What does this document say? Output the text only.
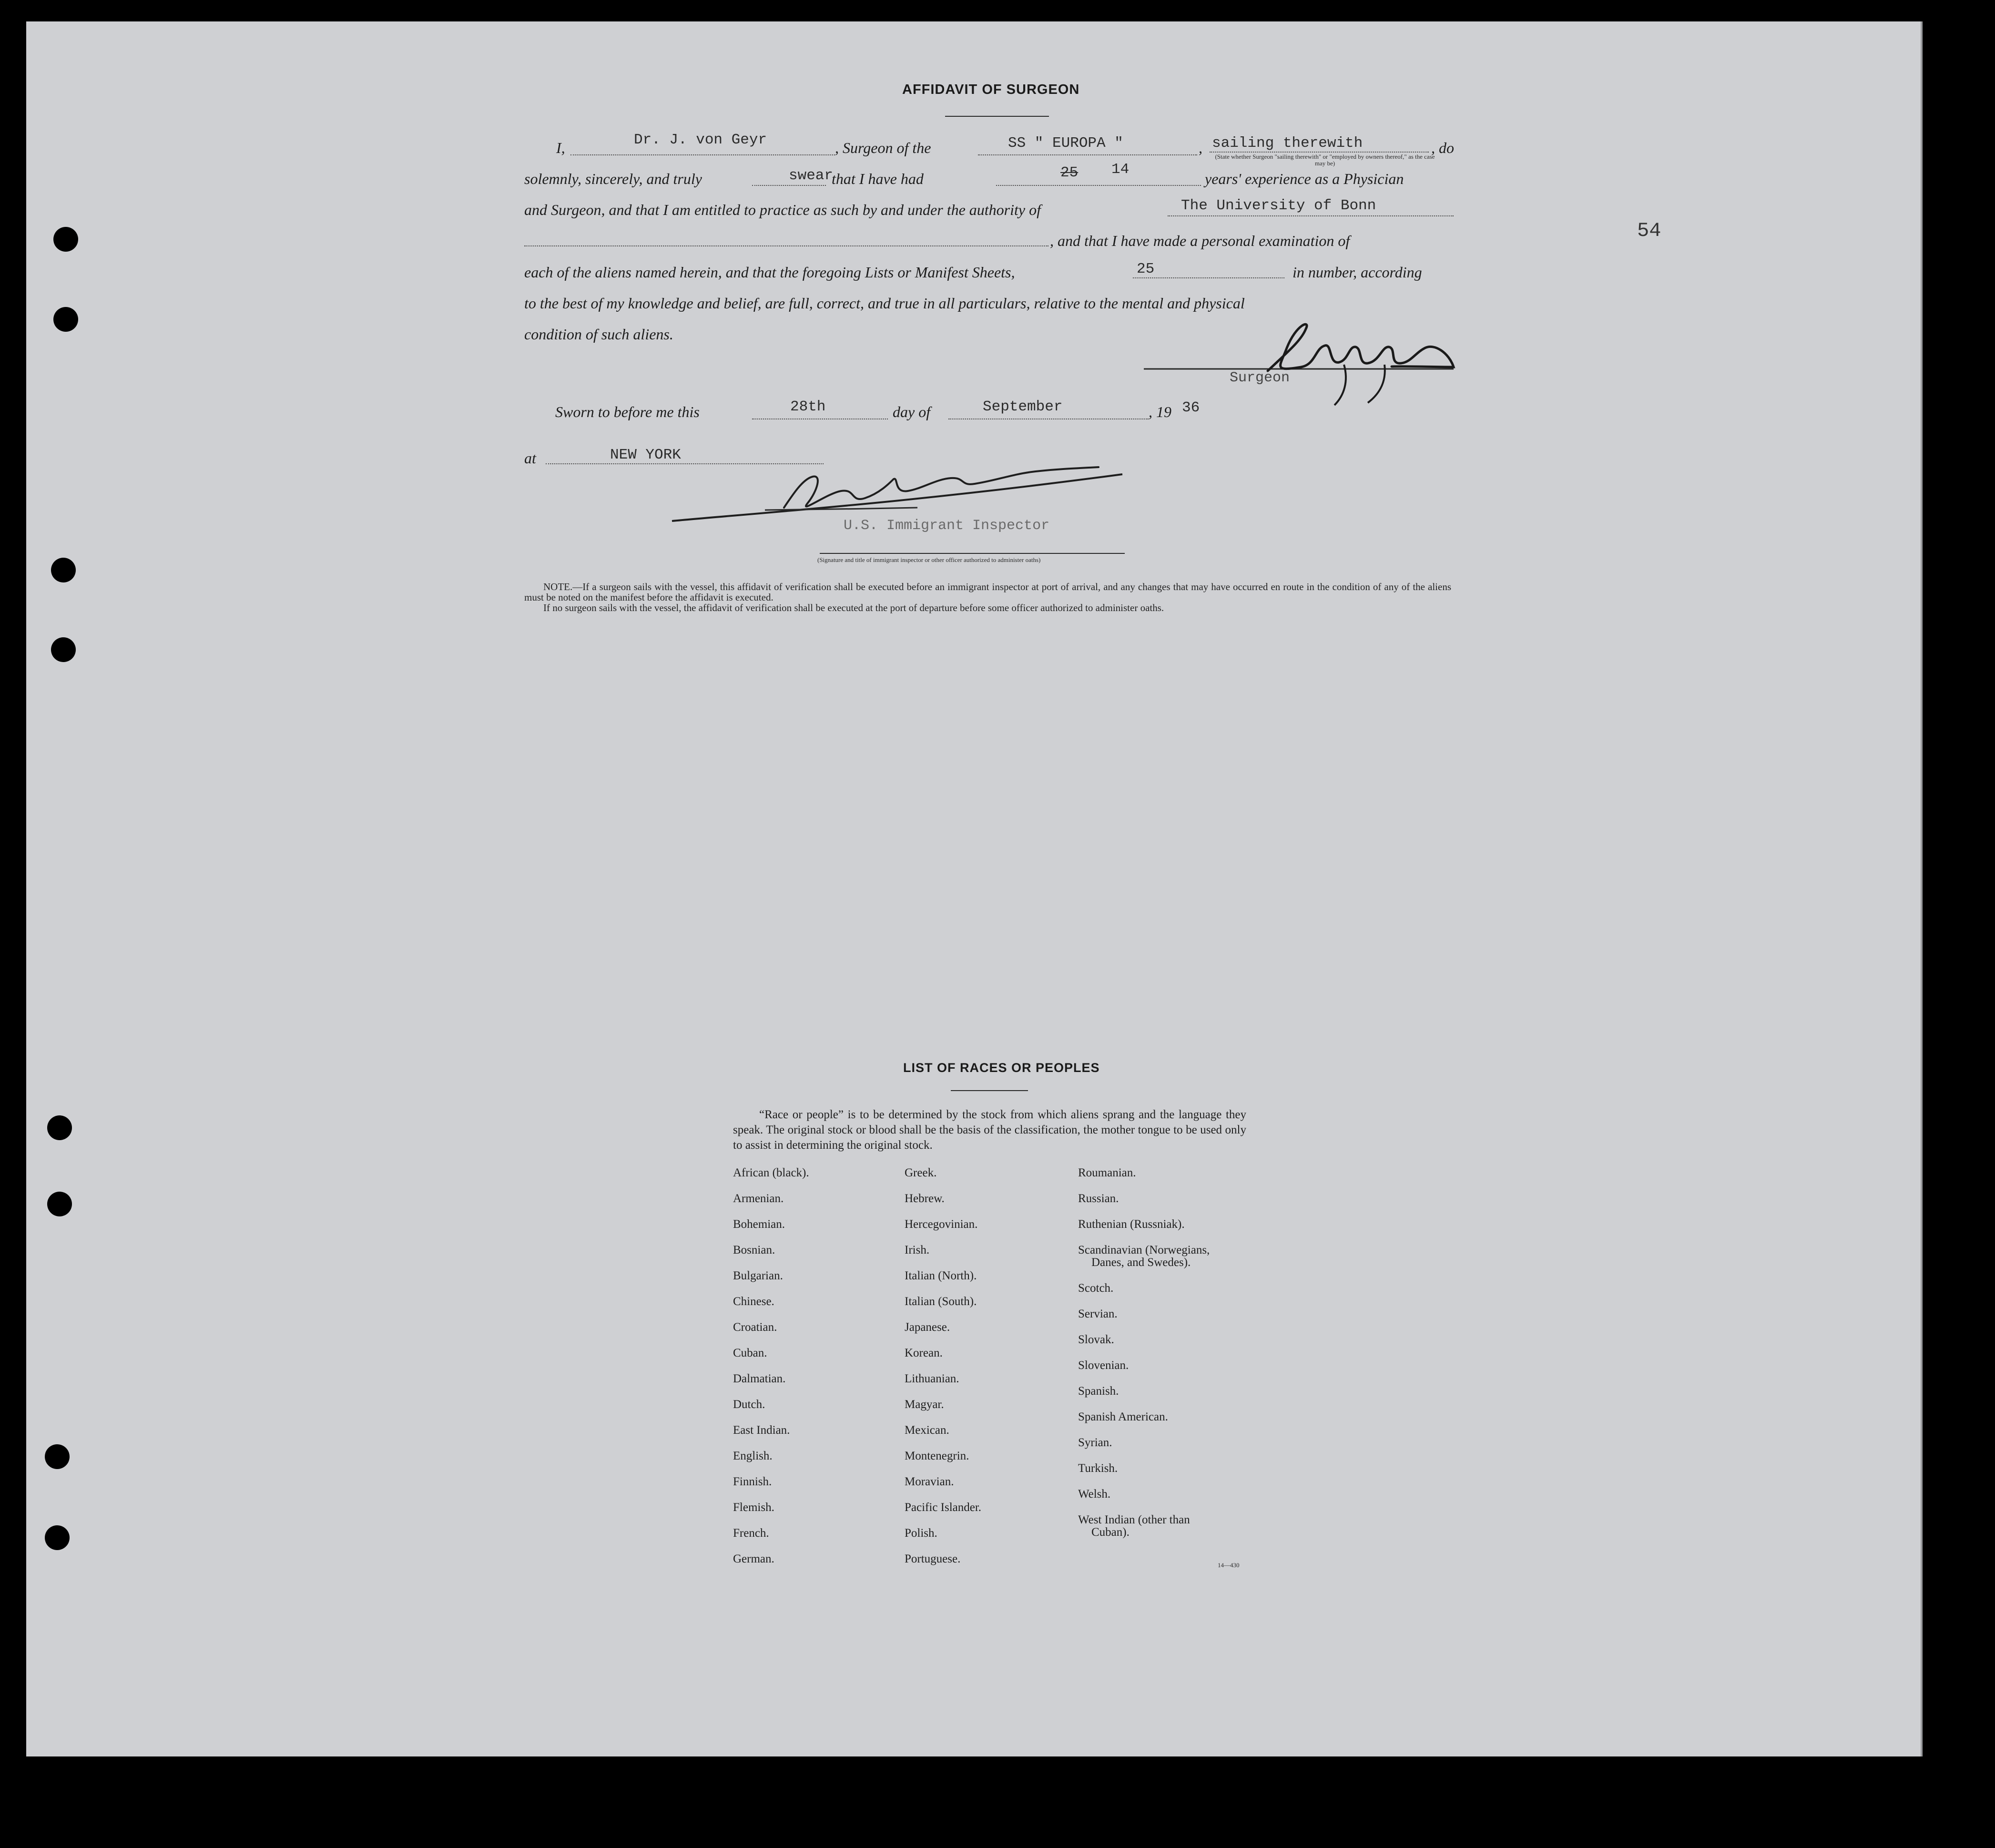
54
AFFIDAVIT OF SURGEON
I,	Dr. J. von Geyr	, Surgeon of the	SS " EUROPA "	, sailing therewith	, do
(State whether Surgeon "sailing therewith" or "employed by owners thereof," as the case may be)
solemnly, sincerely, and truly	swear
that I have had	25 14
years' experience as a Physician
and Surgeon, and that I am entitled to practice as such by and under the authority of	The University of Bonn
, and that I have made a personal examination of
each of the aliens named herein, and that the foregoing Lists or Manifest Sheets,	25	in number, according
to the best of my knowledge and belief, are full, correct, and true in all particulars, relative to the mental and physical
condition of such aliens.
Surgeon
Sworn to before me this	28th	day of	September	, 19 36
at	NEW YORK
U.S. Immigrant Inspector
(Signature and title of immigrant inspector or other officer authorized to administer oaths)
NOTE.—If a surgeon sails with the vessel, this affidavit of verification shall be executed before an immigrant inspector at port of arrival, and any changes that may have occurred en route in the condition of any of the aliens must be noted on the manifest before the affidavit is executed.
If no surgeon sails with the vessel, the affidavit of verification shall be executed at the port of departure before some officer authorized to administer oaths.
LIST OF RACES OR PEOPLES
“Race or people” is to be determined by the stock from which aliens sprang and the language they speak. The original stock or blood shall be the basis of the classification, the mother tongue to be used only to assist in determining the original stock.
African (black).
Armenian.
Bohemian.
Bosnian.
Bulgarian.
Chinese.
Croatian.
Cuban.
Dalmatian.
Dutch.
East Indian.
English.
Finnish.
Flemish.
French.
German.
Greek.
Hebrew.
Hercegovinian.
Irish.
Italian (North).
Italian (South).
Japanese.
Korean.
Lithuanian.
Magyar.
Mexican.
Montenegrin.
Moravian.
Pacific Islander.
Polish.
Portuguese.
Roumanian.
Russian.
Ruthenian (Russniak).
Scandinavian (Norwegians,
Danes, and Swedes).
Scotch.
Servian.
Slovak.
Slovenian.
Spanish.
Spanish American.
Syrian.
Turkish.
Welsh.
West Indian (other than
Cuban).
14—430
